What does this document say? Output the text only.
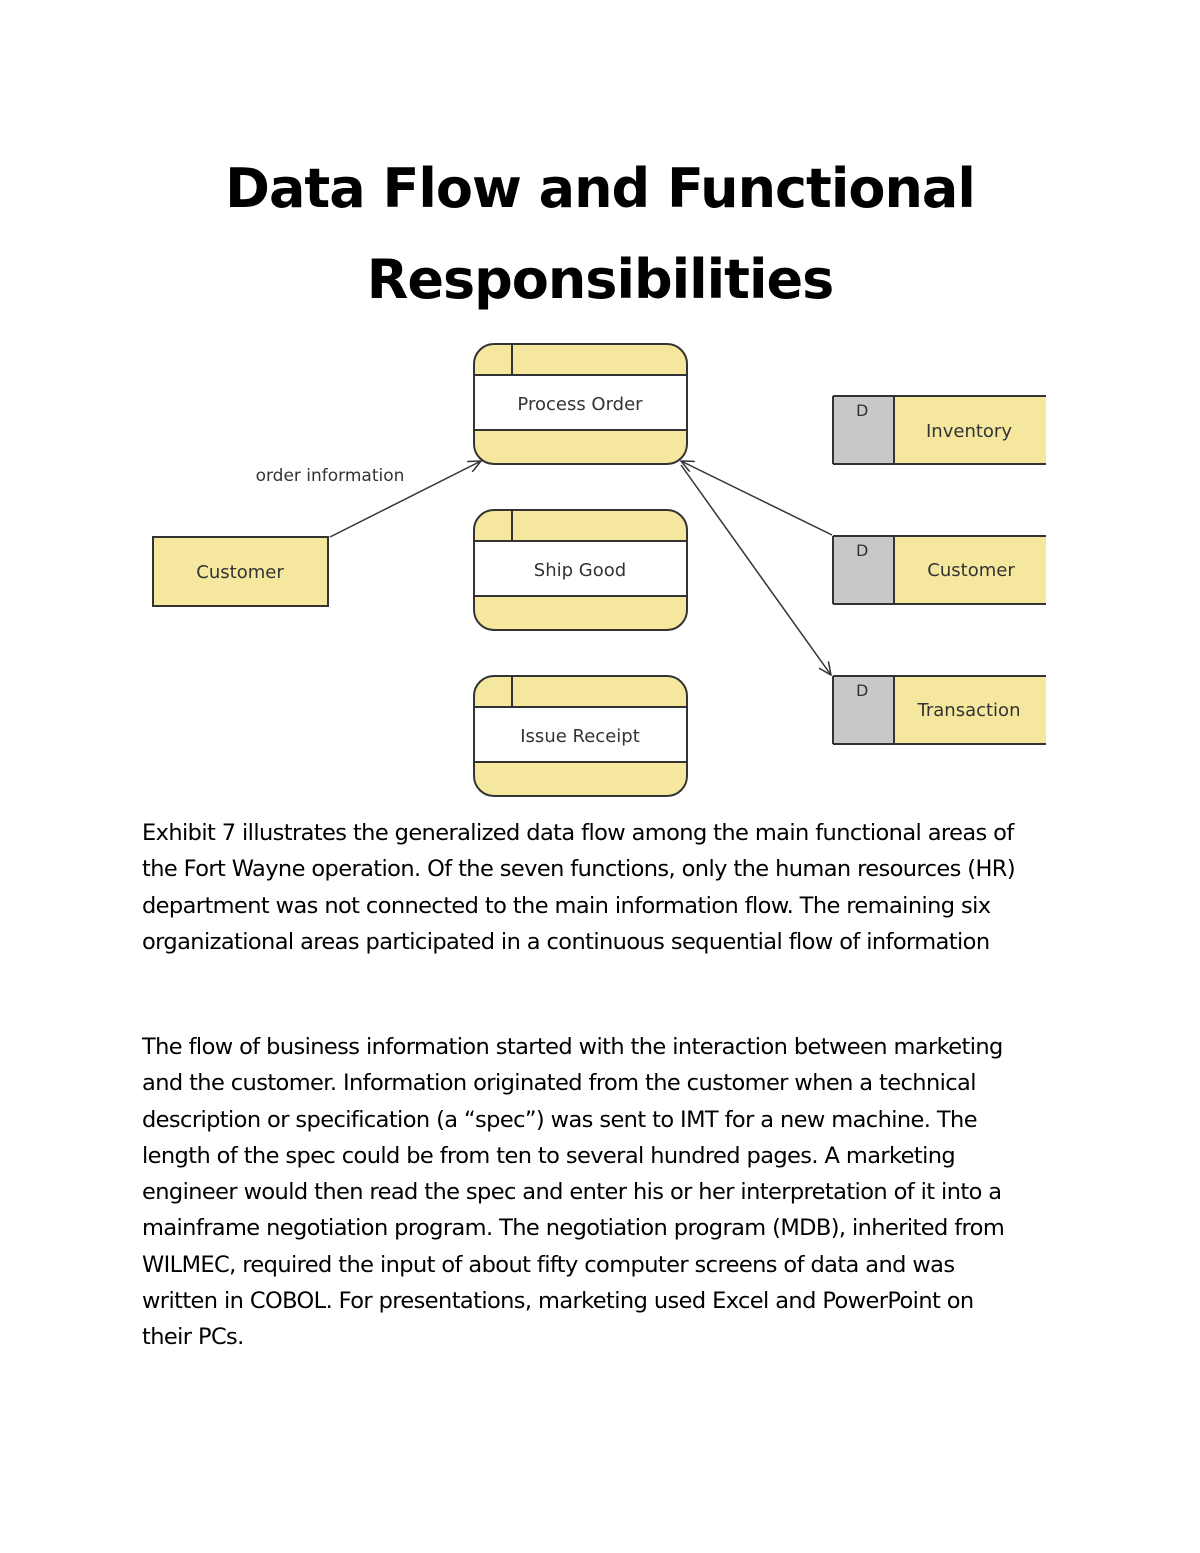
Data Flow and Functional
Responsibilities
Process Order
Ship Good
Issue Receipt
Customer
D
Inventory
D
Customer
D
Transaction
order information
Exhibit 7 illustrates the generalized data flow among the main functional areas of
the Fort Wayne operation. Of the seven functions, only the human resources (HR)
department was not connected to the main information flow. The remaining six
organizational areas participated in a continuous sequential flow of information
The flow of business information started with the interaction between marketing
and the customer. Information originated from the customer when a technical
description or specification (a “spec”) was sent to IMT for a new machine. The
length of the spec could be from ten to several hundred pages. A marketing
engineer would then read the spec and enter his or her interpretation of it into a
mainframe negotiation program. The negotiation program (MDB), inherited from
WILMEC, required the input of about fifty computer screens of data and was
written in COBOL. For presentations, marketing used Excel and PowerPoint on
their PCs.
